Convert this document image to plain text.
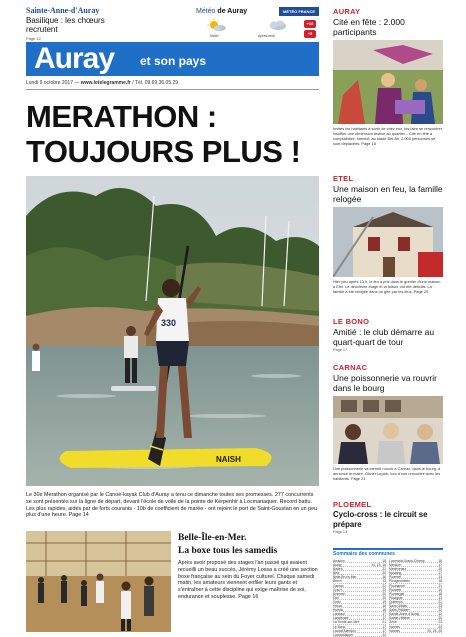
Sainte-Anne-d'Auray
Basilique : les chœurs recrutent
Page 12
Météo de Auray	MÉTÉO FRANCE
Matin	Après-midi
+16
+5
Auray et son pays
Lundi 9 octobre 2017 — www.letelegramme.fr / Tél. 09.69.36.05.29
MERATHON :
TOUJOURS PLUS !
NAISH
330
Le 30e Merathon organisé par le Canoë-kayak Club d'Auray a tenu ce dimanche toutes ses promesses. 277 concurrents se sont présentés sur la ligne de départ, devant l'école de voile de la pointe de Kerpenhir à Locmariaquer. Record battu. Les plus rapides, aidés par de forts courants - 10b de coefficient de marée - ont rejoint le port de Saint-Goustan en un peu plus d'une heure. Page 14
Belle-Île-en-Mer.
La boxe tous les samedis
Après avoir proposé des stages l'an passé qui avaient recueilli un beau succès, Jérémy Lossa a créé une section boxe française au sein du Foyer culturel. Chaque samedi matin, les amateurs viennent enfiler leurs gants et s'entraîner à cette discipline qui exige maîtrise de soi, endurance et souplesse. Page 16
AURAY
Cité en fête : 2.000 participants
Invités les habitants à sortir de chez eux, les faire se rencontrer, insuffler une dimension festive au quartier... Cité en fête a comptabilisé, samedi, au stade Bel-Air, 2.000 personnes se sont déplacées. Page 15
ETEL
Une maison en feu, la famille relogée
Hier peu après 13 h, le feu a pris dans le grenier d'une maison à Etel. Le deuxième étage et la toiture ont été détruits. La famille a été relogée dans un gîte par les élus. Page 20
LE BONO
Amitié : le club démarre au quart-quart de tour
Page 17
CARNAC
Une poissonnerie va rouvrir dans le bourg
Une poissonnerie va bientôt rouvrir à Carnac, dans le bourg, à annoncé le maire, Olivier Lepick, lors d'une rencontre avec les habitants. Page 21
PLOEMEL
Cyclo-cross : le circuit se prépare
Page 13
Sommaire des communes
Arradon	18
Auray	14, 15, 16
Baden	22
Belz	20
Belle-Île-en-Mer	16
Brech	13
Carnac	21
Crac'h	22
Erdeven	20
Etel	20
Groix	19
Houat	16
Hoëdic	16
Landaul	17
Landévant	17
La Trinité-sur-Mer	21
Le Bono	17
Locoal-Mendon	17
Locmariaquer	22
Locmaria-Grand-Champ	18
Mendon	17
Merlevenez	20
Nostang	17
Ploemel	13
Plougoumelen	18
Plouharnel	21
Pluneret	15
Plumergat	18
Pluvigner	13
Quiberon	21
Saint-Gildas	23
Saint-Philibert	22
Sainte-Anne-d'Auray	12
Sainte-Hélène	20
Séné	23
Vannes	23
Vannes	20, 24, 25
